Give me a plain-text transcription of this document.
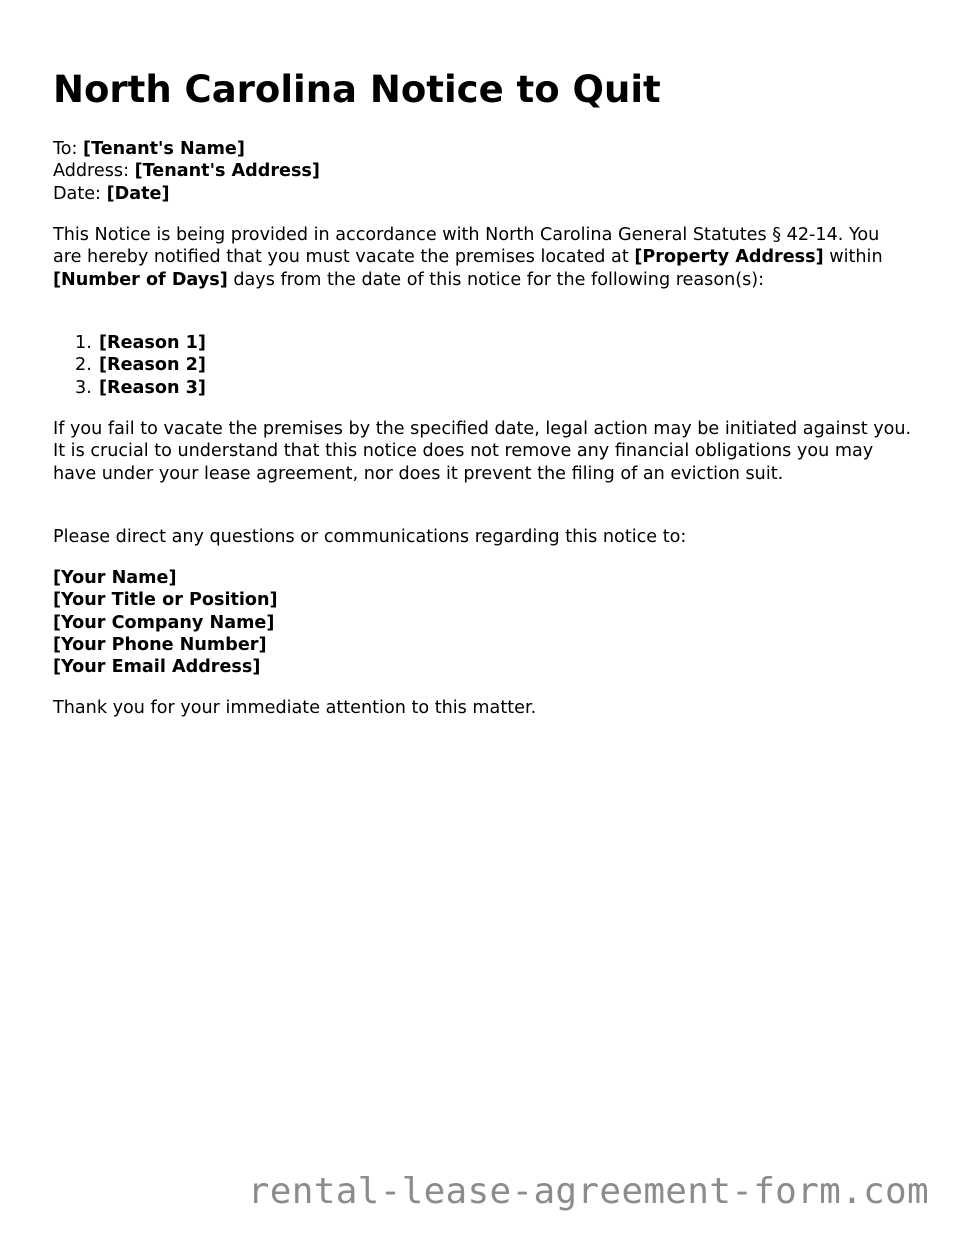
North Carolina Notice to Quit
To: [Tenant's Name]
Address: [Tenant's Address]
Date: [Date]
This Notice is being provided in accordance with North Carolina General Statutes § 42-14. You are hereby notified that you must vacate the premises located at [Property Address] within [Number of Days] days from the date of this notice for the following reason(s):
1. [Reason 1]
2. [Reason 2]
3. [Reason 3]
If you fail to vacate the premises by the specified date, legal action may be initiated against you. It is crucial to understand that this notice does not remove any financial obligations you may have under your lease agreement, nor does it prevent the filing of an eviction suit.
Please direct any questions or communications regarding this notice to:
[Your Name]
[Your Title or Position]
[Your Company Name]
[Your Phone Number]
[Your Email Address]
Thank you for your immediate attention to this matter.
rental-lease-agreement-form.com
